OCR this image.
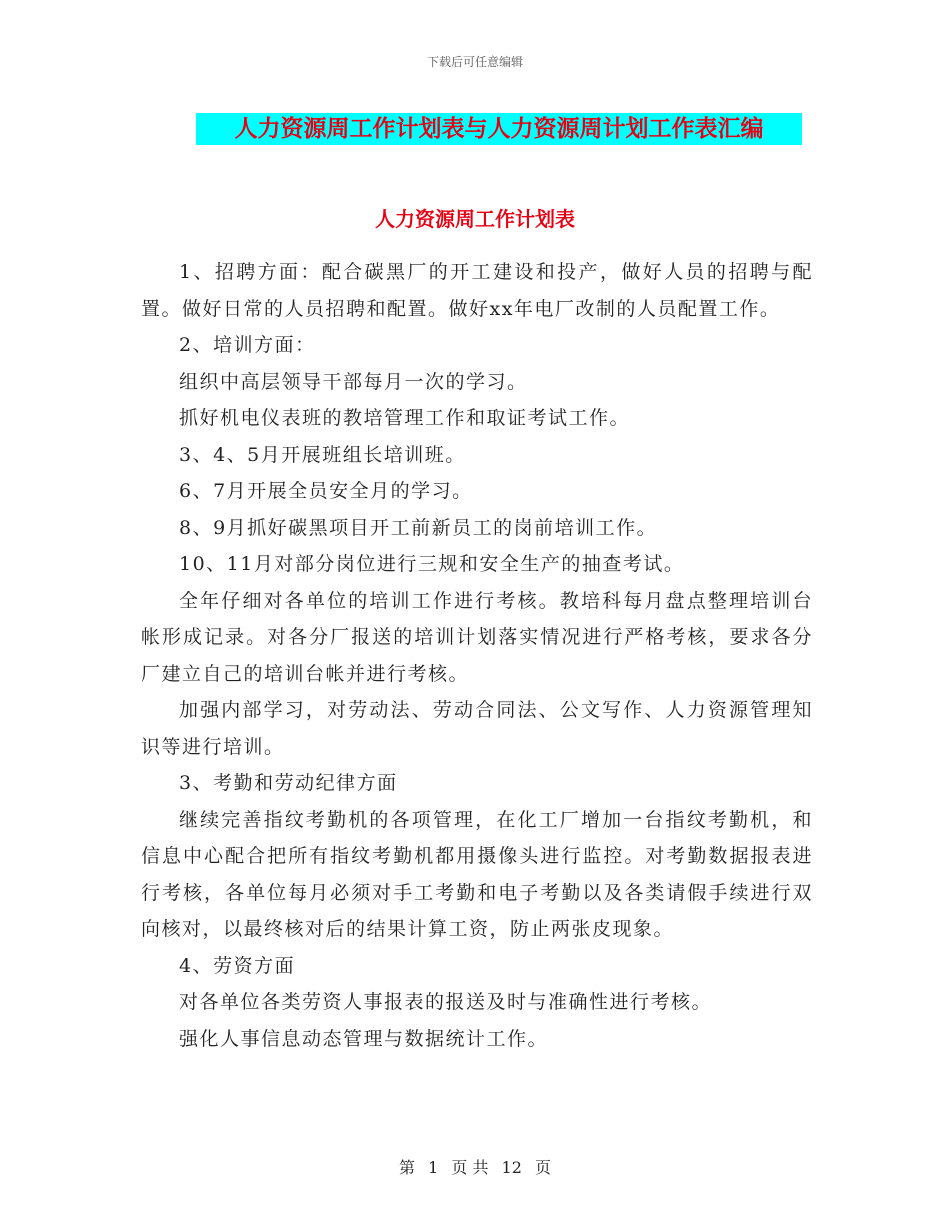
下载后可任意编辑
人力资源周工作计划表与人力资源周计划工作表汇编
人力资源周工作计划表

1、招聘方面：配合碳黑厂的开工建设和投产，做好人员的招聘与配置。做好日常的人员招聘和配置。做好xx年电厂改制的人员配置工作。

2、培训方面：

组织中高层领导干部每月一次的学习。

抓好机电仪表班的教培管理工作和取证考试工作。

3、4、5月开展班组长培训班。

6、7月开展全员安全月的学习。

8、9月抓好碳黑项目开工前新员工的岗前培训工作。

10、11月对部分岗位进行三规和安全生产的抽查考试。

全年仔细对各单位的培训工作进行考核。教培科每月盘点整理培训台帐形成记录。对各分厂报送的培训计划落实情况进行严格考核，要求各分厂建立自己的培训台帐并进行考核。

加强内部学习，对劳动法、劳动合同法、公文写作、人力资源管理知识等进行培训。

3、考勤和劳动纪律方面

继续完善指纹考勤机的各项管理，在化工厂增加一台指纹考勤机，和信息中心配合把所有指纹考勤机都用摄像头进行监控。对考勤数据报表进行考核，各单位每月必须对手工考勤和电子考勤以及各类请假手续进行双向核对，以最终核对后的结果计算工资，防止两张皮现象。

4、劳资方面

对各单位各类劳资人事报表的报送及时与准确性进行考核。

强化人事信息动态管理与数据统计工作。

第 1 页 共 12 页
